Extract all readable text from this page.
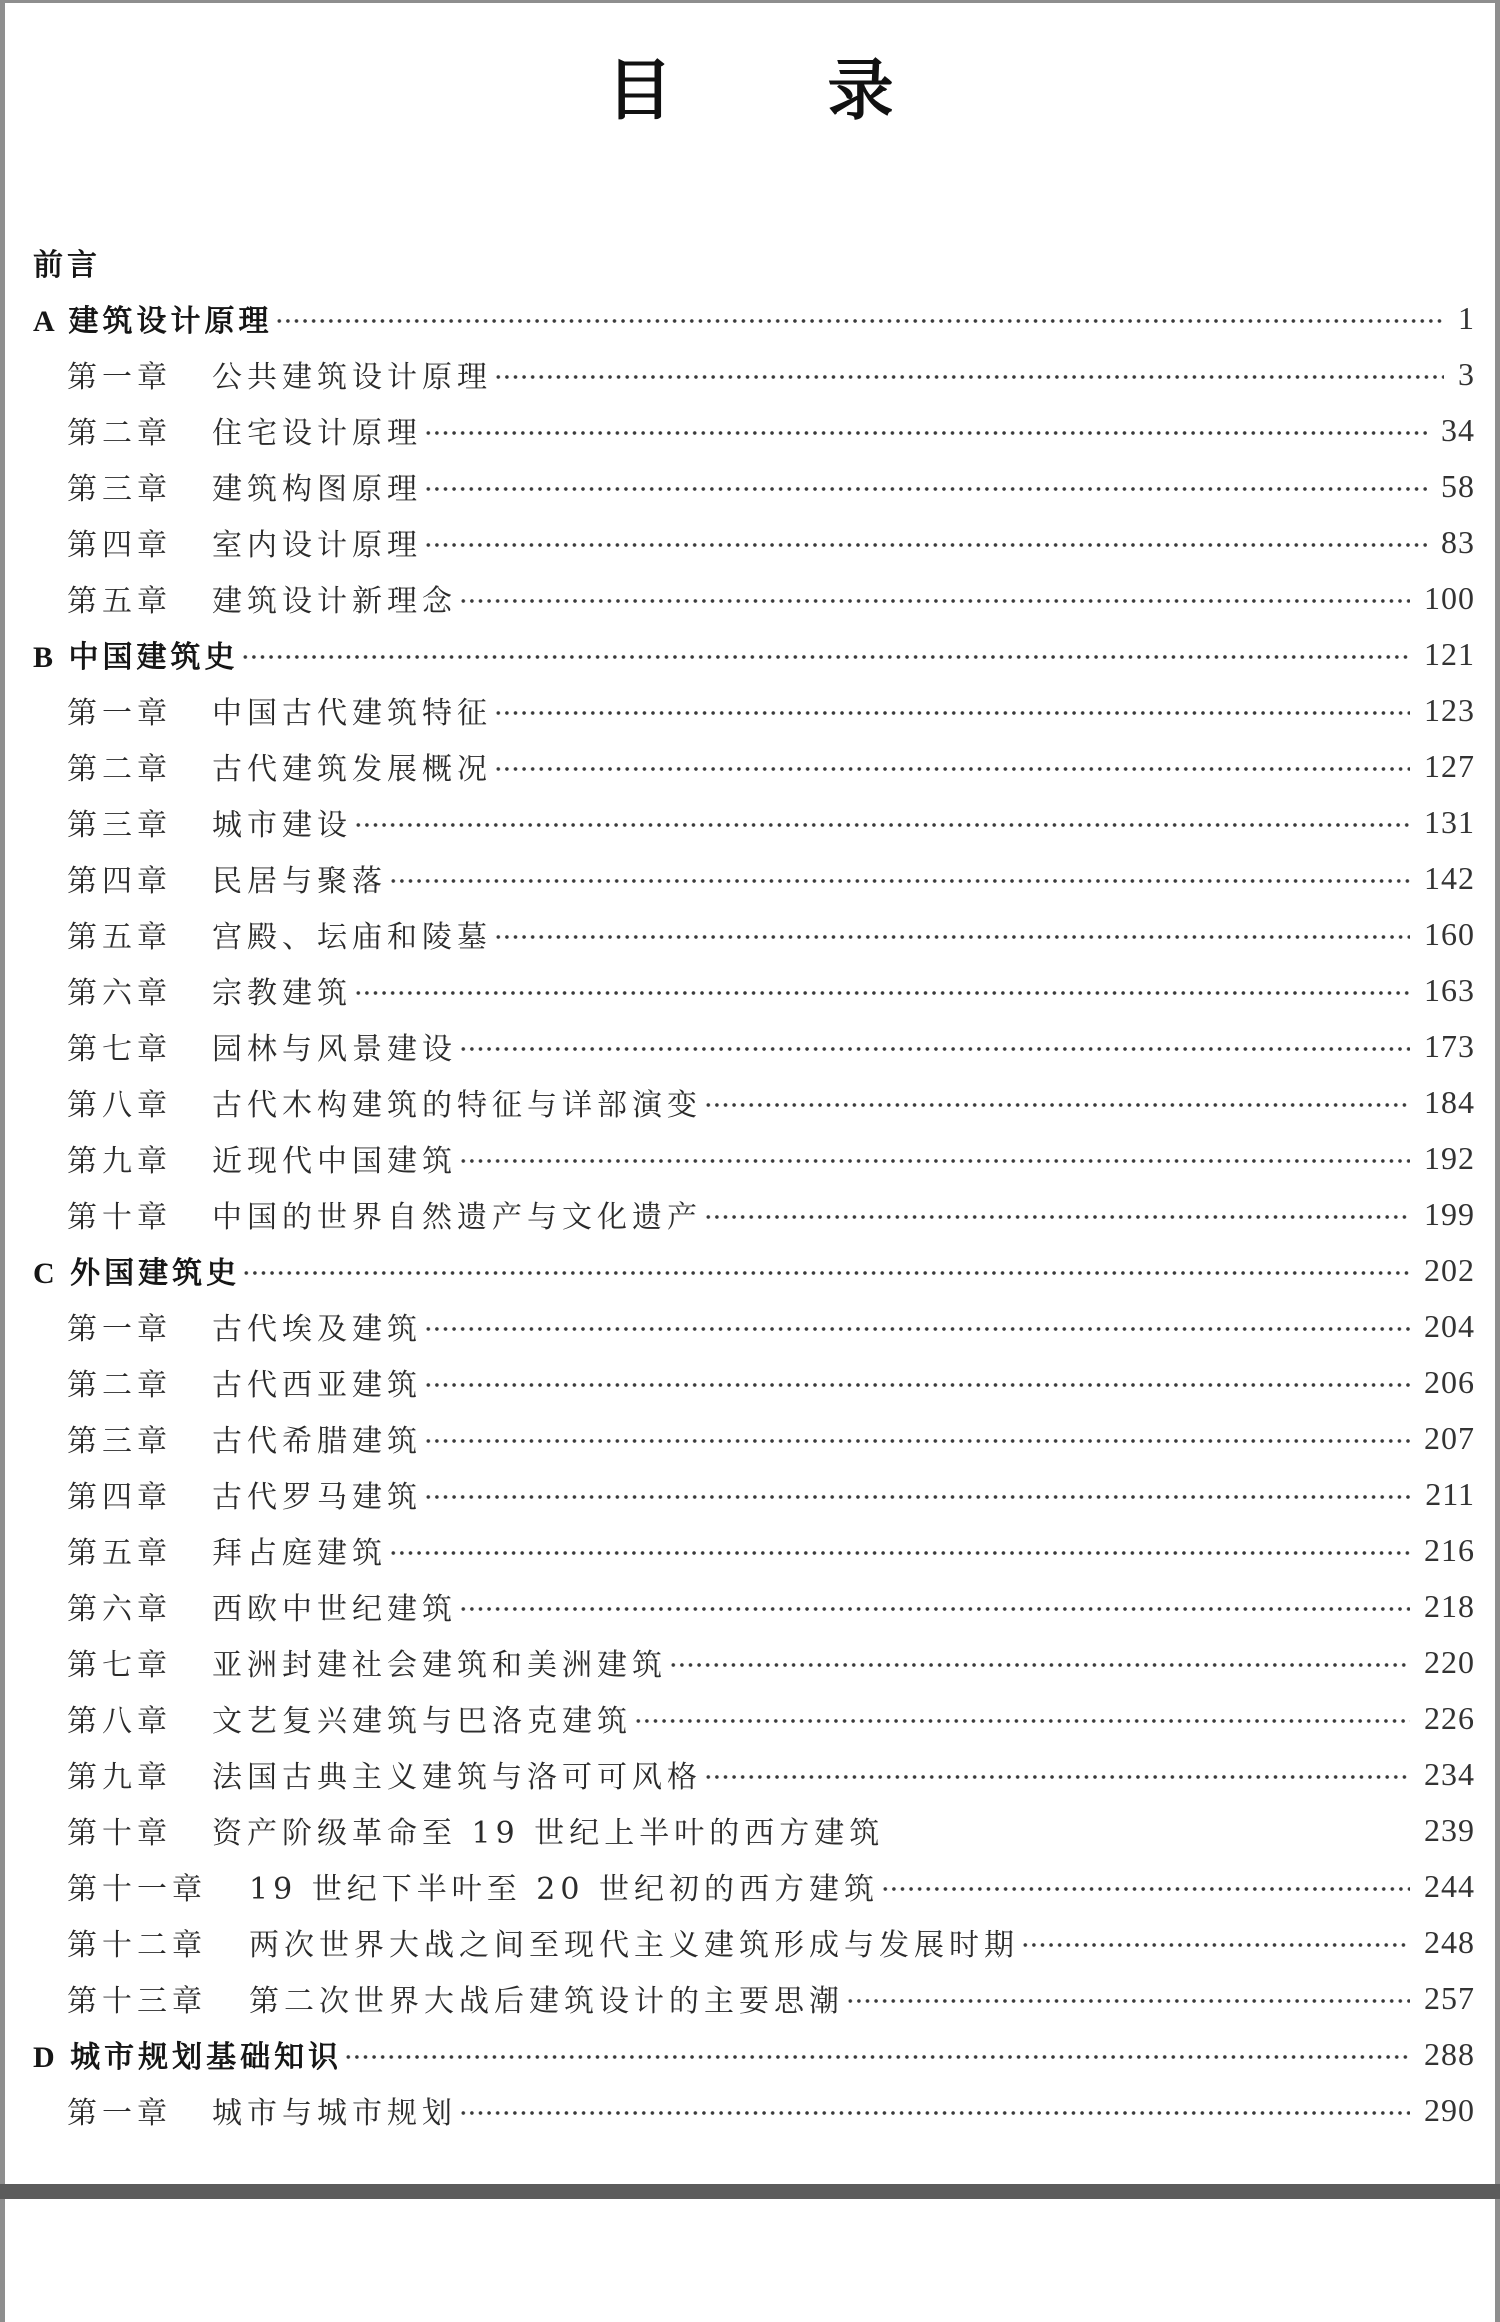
目 录
前言
A 建筑设计原理	1
第一章	公共建筑设计原理	3
第二章	住宅设计原理	34
第三章	建筑构图原理	58
第四章	室内设计原理	83
第五章	建筑设计新理念	100
B 中国建筑史	121
第一章	中国古代建筑特征	123
第二章	古代建筑发展概况	127
第三章	城市建设	131
第四章	民居与聚落	142
第五章	宫殿、坛庙和陵墓	160
第六章	宗教建筑	163
第七章	园林与风景建设	173
第八章	古代木构建筑的特征与详部演变	184
第九章	近现代中国建筑	192
第十章	中国的世界自然遗产与文化遗产	199
C 外国建筑史	202
第一章	古代埃及建筑	204
第二章	古代西亚建筑	206
第三章	古代希腊建筑	207
第四章	古代罗马建筑	211
第五章	拜占庭建筑	216
第六章	西欧中世纪建筑	218
第七章	亚洲封建社会建筑和美洲建筑	220
第八章	文艺复兴建筑与巴洛克建筑	226
第九章	法国古典主义建筑与洛可可风格	234
第十章	资产阶级革命至 19 世纪上半叶的西方建筑	239
第十一章	19 世纪下半叶至 20 世纪初的西方建筑	244
第十二章	两次世界大战之间至现代主义建筑形成与发展时期	248
第十三章	第二次世界大战后建筑设计的主要思潮	257
D 城市规划基础知识	288
第一章	城市与城市规划	290
